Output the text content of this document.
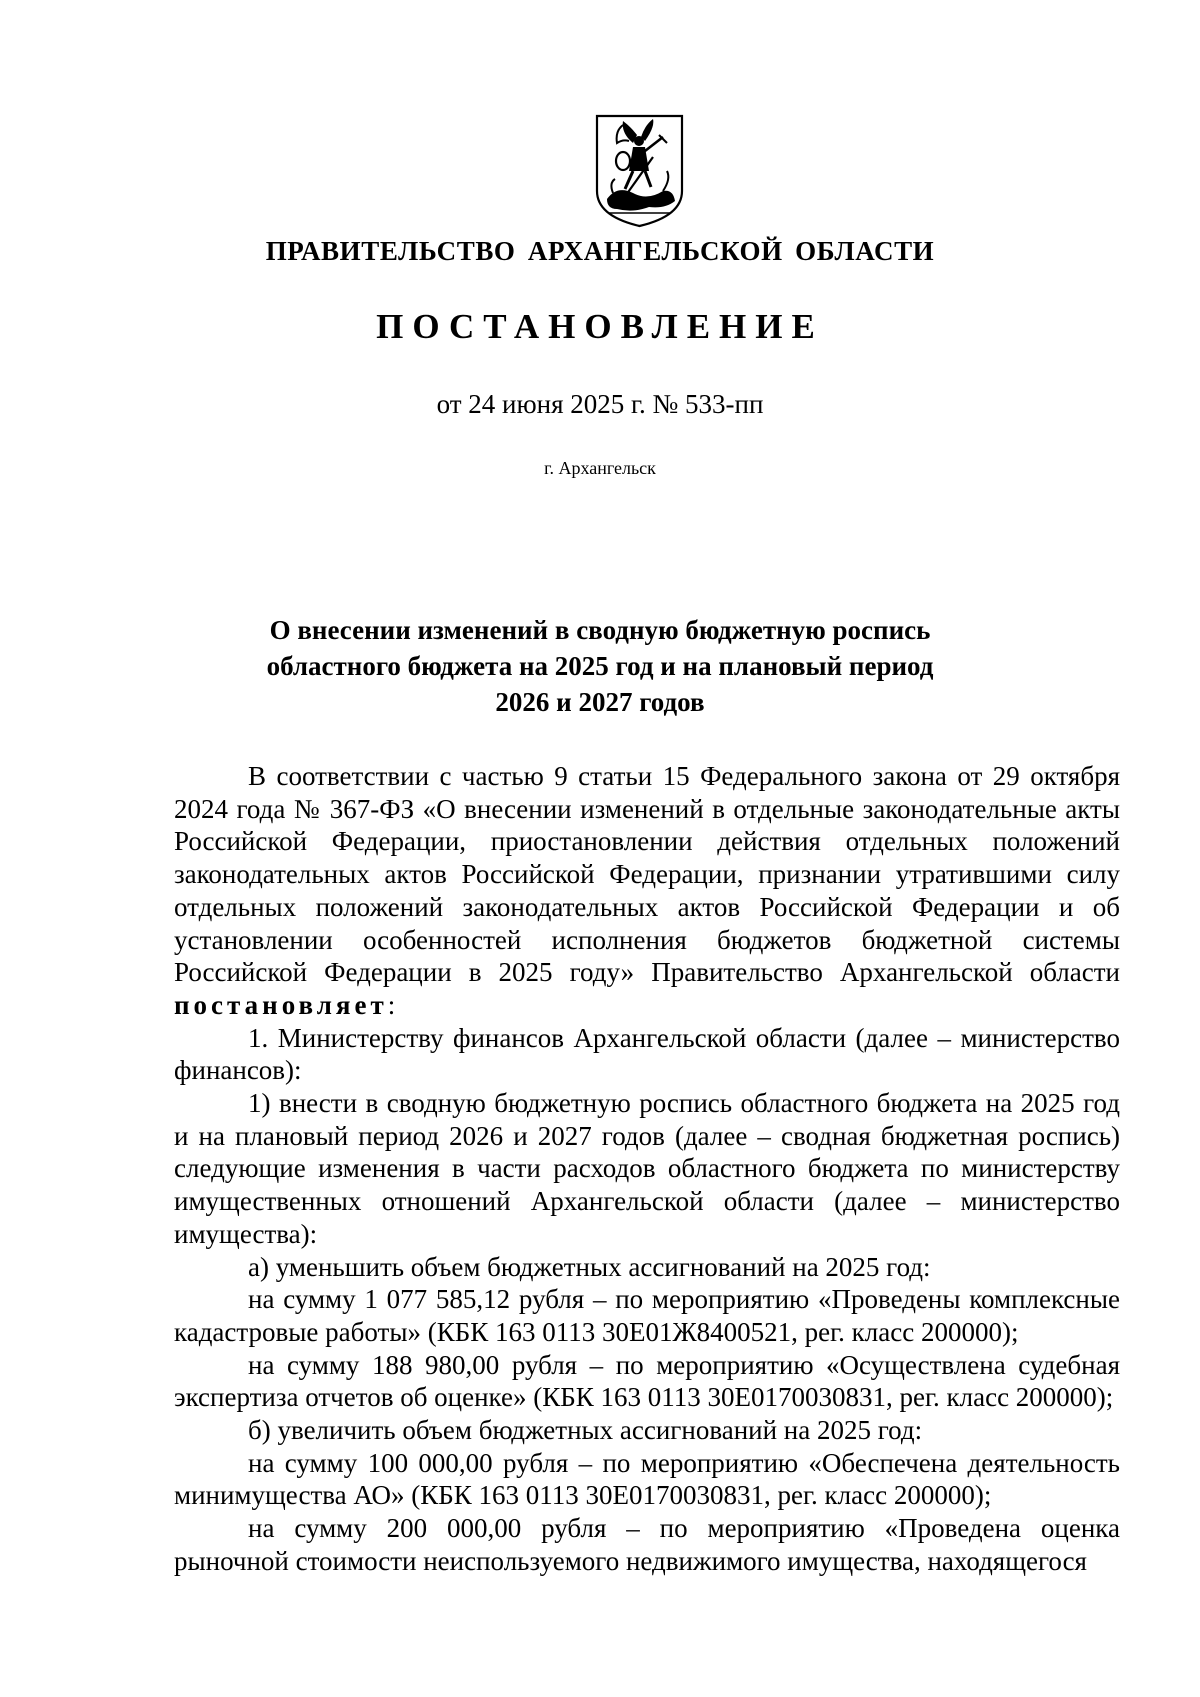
ПРАВИТЕЛЬСТВО АРХАНГЕЛЬСКОЙ ОБЛАСТИ
ПОСТАНОВЛЕНИЕ
от 24 июня 2025 г. № 533-пп
г. Архангельск
О внесении изменений в сводную бюджетную роспись
областного бюджета на 2025 год и на плановый период
2026 и 2027 годов

В соответствии с частью 9 статьи 15 Федерального закона от 29 октября 2024 года № 367-ФЗ «О внесении изменений в отдельные законодательные акты Российской Федерации, приостановлении действия отдельных положений законодательных актов Российской Федерации, признании утратившими силу отдельных положений законодательных актов Российской Федерации и об установлении особенностей исполнения бюджетов бюджетной системы Российской Федерации в 2025 году» Правительство Архангельской области постановляет:

1. Министерству финансов Архангельской области (далее – министерство финансов):

1) внести в сводную бюджетную роспись областного бюджета на 2025 год и на плановый период 2026 и 2027 годов (далее – сводная бюджетная роспись) следующие изменения в части расходов областного бюджета по министерству имущественных отношений Архангельской области (далее – министерство имущества):

а) уменьшить объем бюджетных ассигнований на 2025 год:

на сумму 1 077 585,12 рубля – по мероприятию «Проведены комплексные кадастровые работы» (КБК 163 0113 30Е01Ж8400521, рег. класс 200000);

на сумму 188 980,00 рубля – по мероприятию «Осуществлена судебная экспертиза отчетов об оценке» (КБК 163 0113 30Е0170030831, рег. класс 200000);

б) увеличить объем бюджетных ассигнований на 2025 год:

на сумму 100 000,00 рубля – по мероприятию «Обеспечена деятельность минимущества АО» (КБК 163 0113 30Е0170030831, рег. класс 200000);

на сумму 200 000,00 рубля – по мероприятию «Проведена оценка рыночной стоимости неиспользуемого недвижимого имущества, находящегося
